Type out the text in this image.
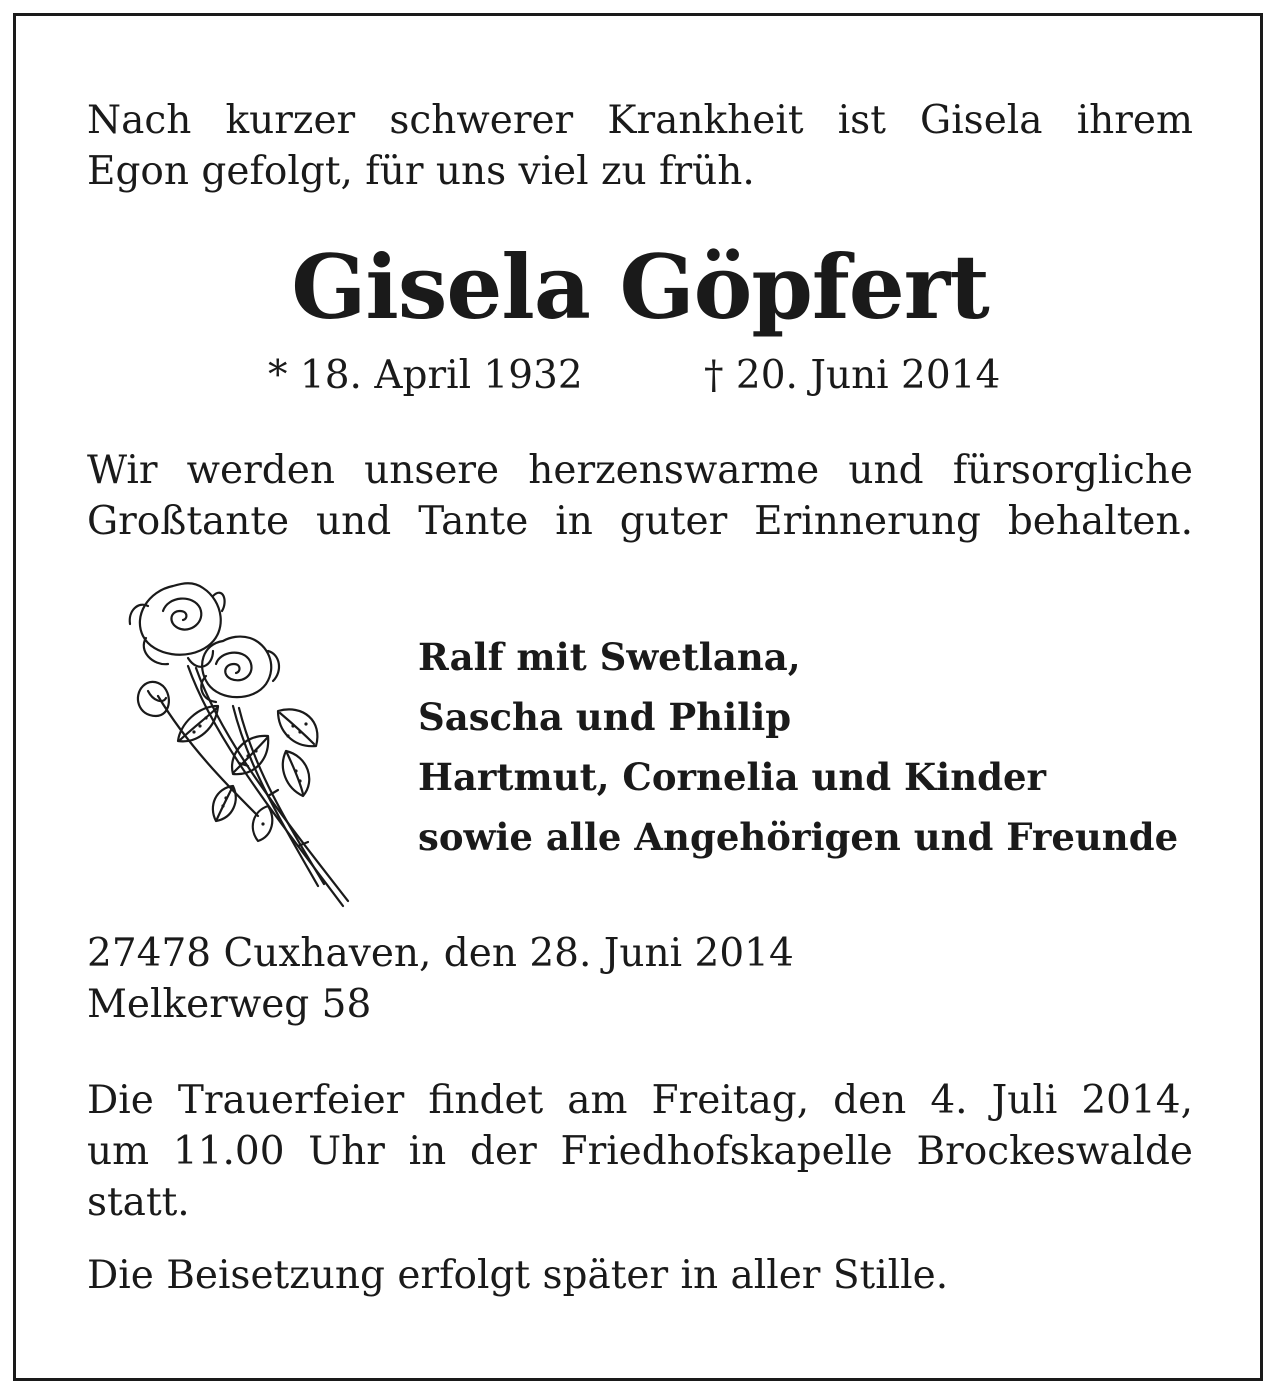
Nach kurzer schwerer Krankheit ist Gisela ihrem
Egon gefolgt, für uns viel zu früh.

Gisela Göpfert
* 18. April 1932	† 20. Juni 2014

Wir werden unsere herzenswarme und fürsorgliche
Großtante und Tante in guter Erinnerung behalten.

Ralf mit Swetlana,
Sascha und Philip
Hartmut, Cornelia und Kinder
sowie alle Angehörigen und Freunde

27478 Cuxhaven, den 28. Juni 2014
Melkerweg 58

Die Trauerfeier findet am Freitag, den 4. Juli 2014,
um 11.00 Uhr in der Friedhofskapelle Brockeswalde
statt.

Die Beisetzung erfolgt später in aller Stille.
